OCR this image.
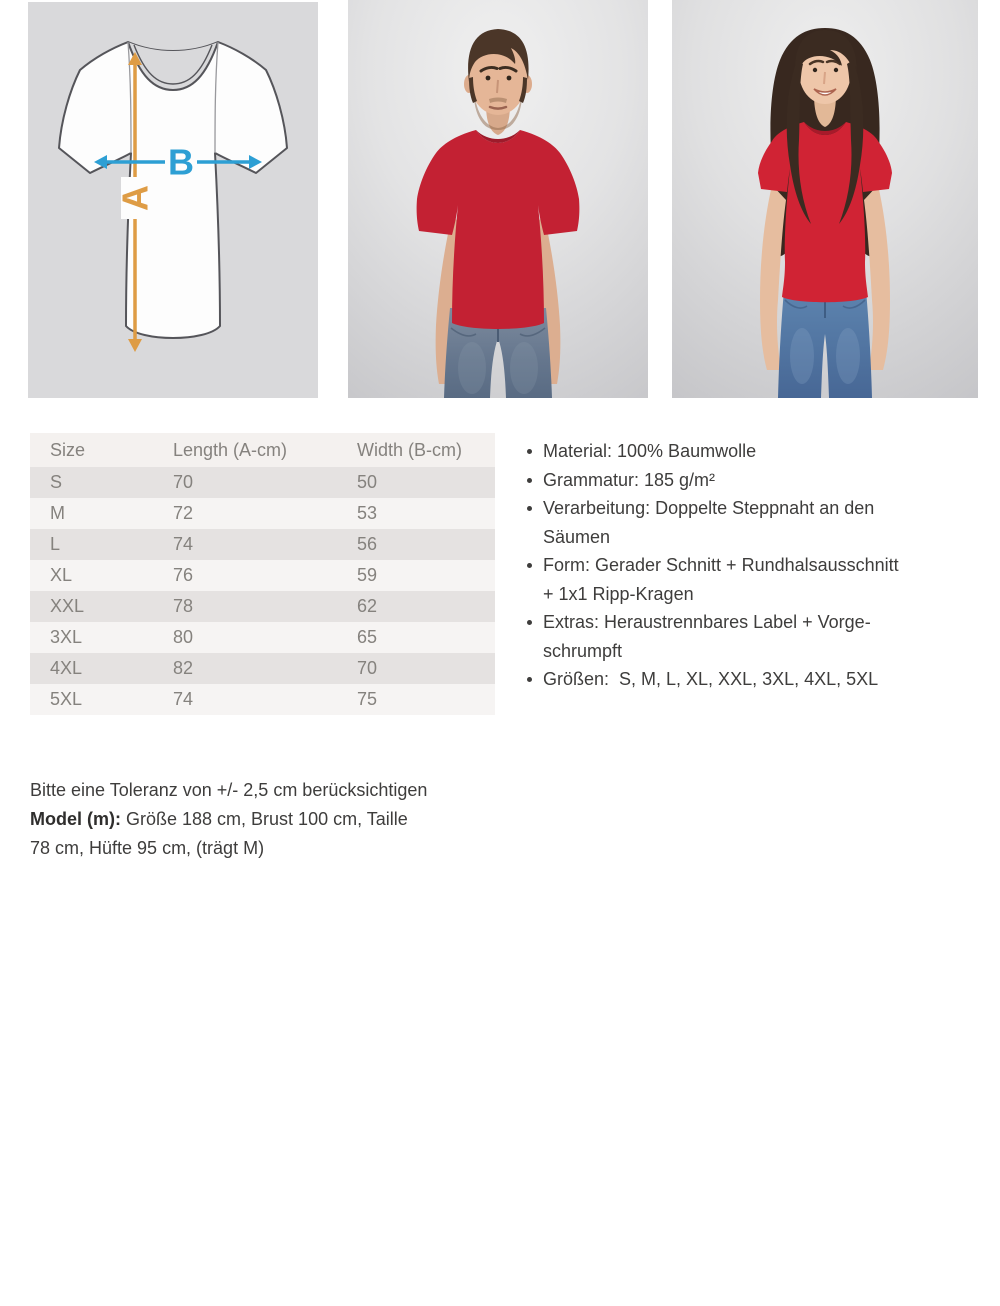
A
B
Size	Length (A-cm)	Width (B-cm)
S	70	50
M	72	53
L	74	56
XL	76	59
XXL	78	62
3XL	80	65
4XL	82	70
5XL	74	75
Material: 100% Baumwolle
Grammatur: 185 g/m²
Verarbeitung: Doppelte Steppnaht an den
Säumen
Form: Gerader Schnitt + Rundhalsausschnitt
+ 1x1 Ripp-Kragen
Extras: Heraustrennbares Label + Vorge-
schrumpft
Größen:  S, M, L, XL, XXL, 3XL, 4XL, 5XL
Bitte eine Toleranz von +/- 2,5 cm berücksichtigen
Model (m): Größe 188 cm, Brust 100 cm, Taille
78 cm, Hüfte 95 cm, (trägt M)
